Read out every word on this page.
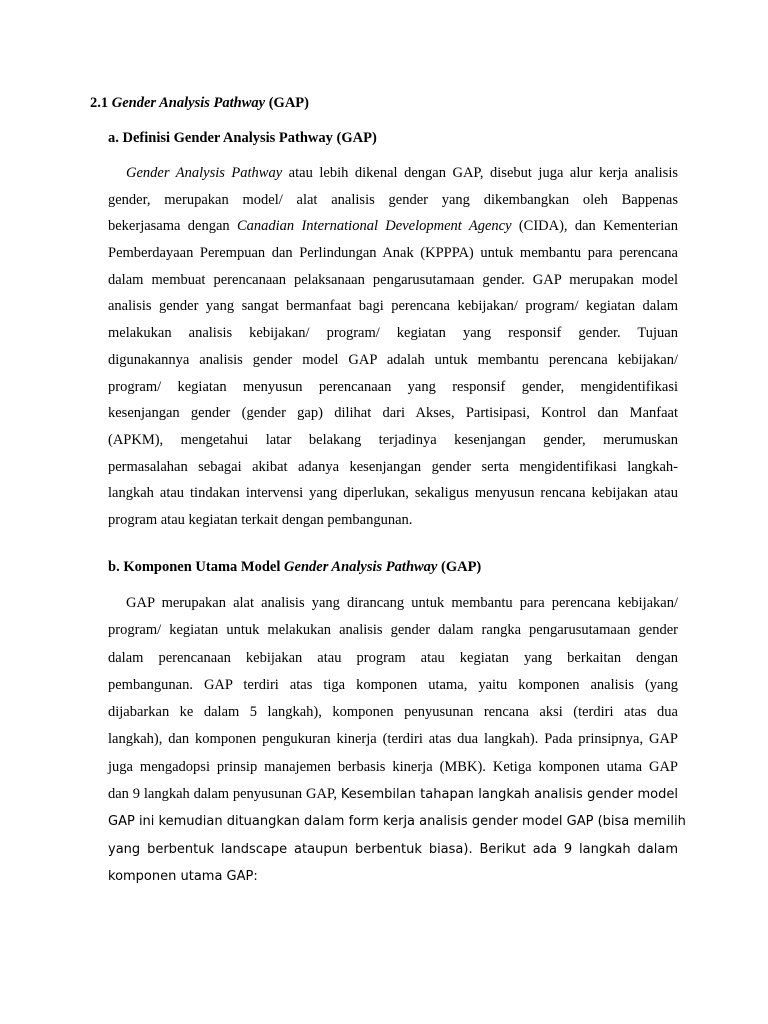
2.1 Gender Analysis Pathway (GAP)
a. Definisi Gender Analysis Pathway (GAP)
Gender Analysis Pathway atau lebih dikenal dengan GAP, disebut juga alur kerja analisis
gender, merupakan model/ alat analisis gender yang dikembangkan oleh Bappenas
bekerjasama dengan Canadian International Development Agency (CIDA), dan Kementerian
Pemberdayaan Perempuan dan Perlindungan Anak (KPPPA) untuk membantu para perencana
dalam membuat perencanaan pelaksanaan pengarusutamaan gender. GAP merupakan model
analisis gender yang sangat bermanfaat bagi perencana kebijakan/ program/ kegiatan dalam
melakukan analisis kebijakan/ program/ kegiatan yang responsif gender. Tujuan
digunakannya analisis gender model GAP adalah untuk membantu perencana kebijakan/
program/ kegiatan menyusun perencanaan yang responsif gender, mengidentifikasi
kesenjangan gender (gender gap) dilihat dari Akses, Partisipasi, Kontrol dan Manfaat
(APKM), mengetahui latar belakang terjadinya kesenjangan gender, merumuskan
permasalahan sebagai akibat adanya kesenjangan gender serta mengidentifikasi langkah-
langkah atau tindakan intervensi yang diperlukan, sekaligus menyusun rencana kebijakan atau
program atau kegiatan terkait dengan pembangunan.
b. Komponen Utama Model Gender Analysis Pathway (GAP)
GAP merupakan alat analisis yang dirancang untuk membantu para perencana kebijakan/
program/ kegiatan untuk melakukan analisis gender dalam rangka pengarusutamaan gender
dalam perencanaan kebijakan atau program atau kegiatan yang berkaitan dengan
pembangunan. GAP terdiri atas tiga komponen utama, yaitu komponen analisis (yang
dijabarkan ke dalam 5 langkah), komponen penyusunan rencana aksi (terdiri atas dua
langkah), dan komponen pengukuran kinerja (terdiri atas dua langkah). Pada prinsipnya, GAP
juga mengadopsi prinsip manajemen berbasis kinerja (MBK). Ketiga komponen utama GAP
dan 9 langkah dalam penyusunan GAP, Kesembilan tahapan langkah analisis gender model
GAP ini kemudian dituangkan dalam form kerja analisis gender model GAP (bisa memilih
yang berbentuk landscape ataupun berbentuk biasa). Berikut ada 9 langkah dalam
komponen utama GAP:
